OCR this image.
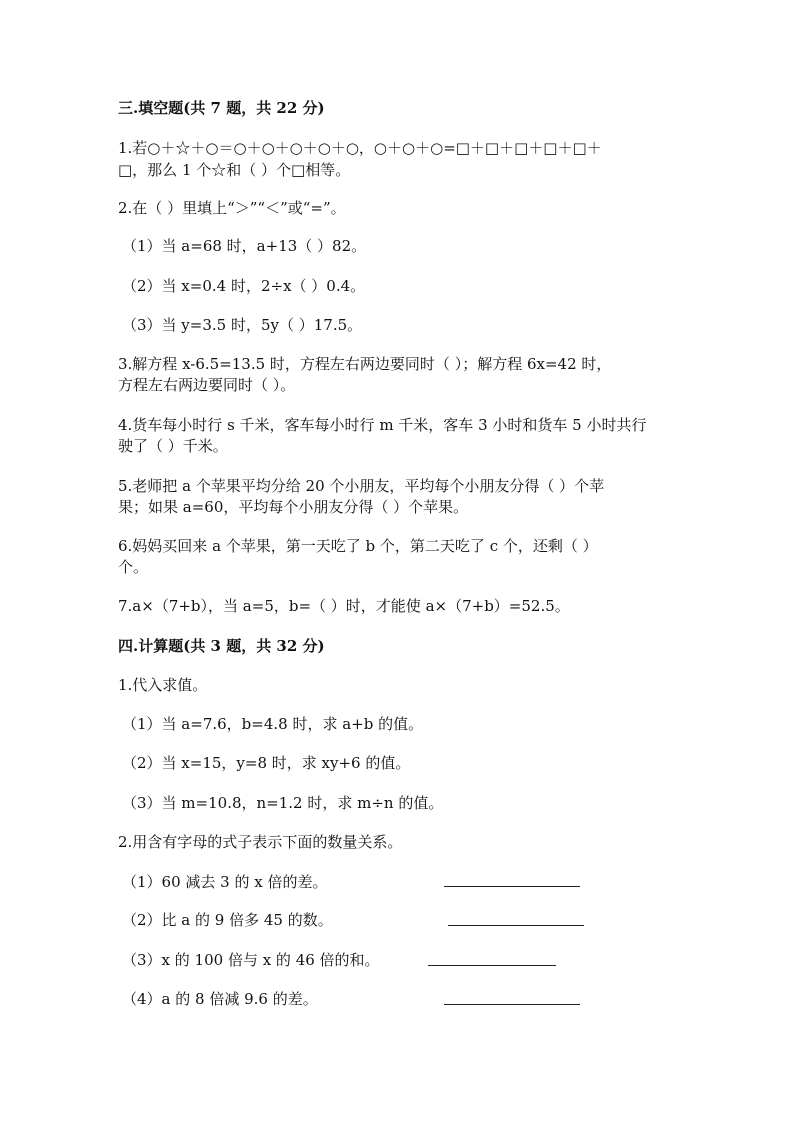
三.填空题(共 7 题，共 22 分)
1.若○＋☆＋○＝○＋○＋○＋○＋○，○＋○＋○=□＋□＋□＋□＋□＋
□，那么 1 个☆和（ ）个□相等。
2.在（ ）里填上“＞”“＜”或“=”。
（1）当 a=68 时，a+13（ ）82。
（2）当 x=0.4 时，2÷x（ ）0.4。
（3）当 y=3.5 时，5y（ ）17.5。
3.解方程 x-6.5=13.5 时，方程左右两边要同时（ ）；解方程 6x=42 时，
方程左右两边要同时（ ）。
4.货车每小时行 s 千米，客车每小时行 m 千米，客车 3 小时和货车 5 小时共行
驶了（ ）千米。
5.老师把 a 个苹果平均分给 20 个小朋友，平均每个小朋友分得（ ）个苹
果；如果 a=60，平均每个小朋友分得（ ）个苹果。
6.妈妈买回来 a 个苹果，第一天吃了 b 个，第二天吃了 c 个，还剩（ ）
个。
7.a×（7+b），当 a=5，b=（ ）时，才能使 a×（7+b）=52.5。
四.计算题(共 3 题，共 32 分)
1.代入求值。
（1）当 a=7.6，b=4.8 时，求 a+b 的值。
（2）当 x=15，y=8 时，求 xy+6 的值。
（3）当 m=10.8，n=1.2 时，求 m÷n 的值。
2.用含有字母的式子表示下面的数量关系。
（1）60 减去 3 的 x 倍的差。
（2）比 a 的 9 倍多 45 的数。
（3）x 的 100 倍与 x 的 46 倍的和。
（4）a 的 8 倍减 9.6 的差。
